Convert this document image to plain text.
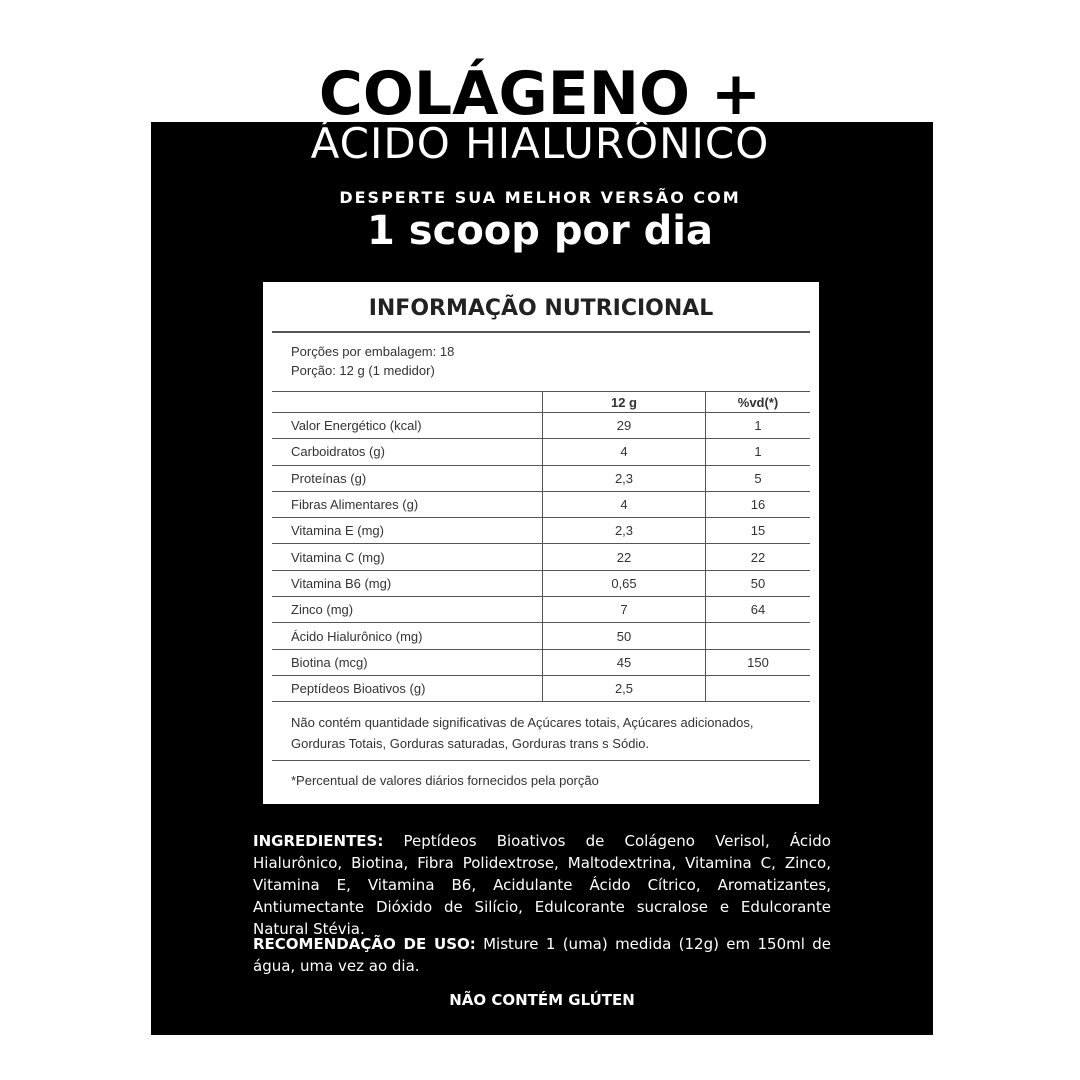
COLÁGENO +
ÁCIDO HIALURÔNICO
DESPERTE SUA MELHOR VERSÃO COM
1 scoop por dia
INFORMAÇÃO NUTRICIONAL
Porções por embalagem: 18
Porção: 12 g (1 medidor)
	12 g	%vd(*)
Valor Energético (kcal)	29	1
Carboidratos (g)	4	1
Proteínas (g)	2,3	5
Fibras Alimentares (g)	4	16
Vitamina E (mg)	2,3	15
Vitamina C (mg)	22	22
Vitamina B6 (mg)	0,65	50
Zinco (mg)	7	64
Ácido Hialurônico (mg)	50	
Biotina (mcg)	45	150
Peptídeos Bioativos (g)	2,5	
Não contém quantidade significativas de Açúcares totais, Açúcares adicionados, Gorduras Totais, Gorduras saturadas, Gorduras trans s Sódio.
*Percentual de valores diários fornecidos pela porção
INGREDIENTES: Peptídeos Bioativos de Colágeno Verisol, Ácido Hialurônico, Biotina, Fibra Polidextrose, Maltodextrina, Vitamina C, Zinco, Vitamina E, Vitamina B6, Acidulante Ácido Cítrico, Aromatizantes, Antiumectante Dióxido de Silício, Edulcorante sucralose e Edulcorante Natural Stévia.
RECOMENDAÇÃO DE USO: Misture 1 (uma) medida (12g) em 150ml de água, uma vez ao dia.
NÃO CONTÉM GLÚTEN
